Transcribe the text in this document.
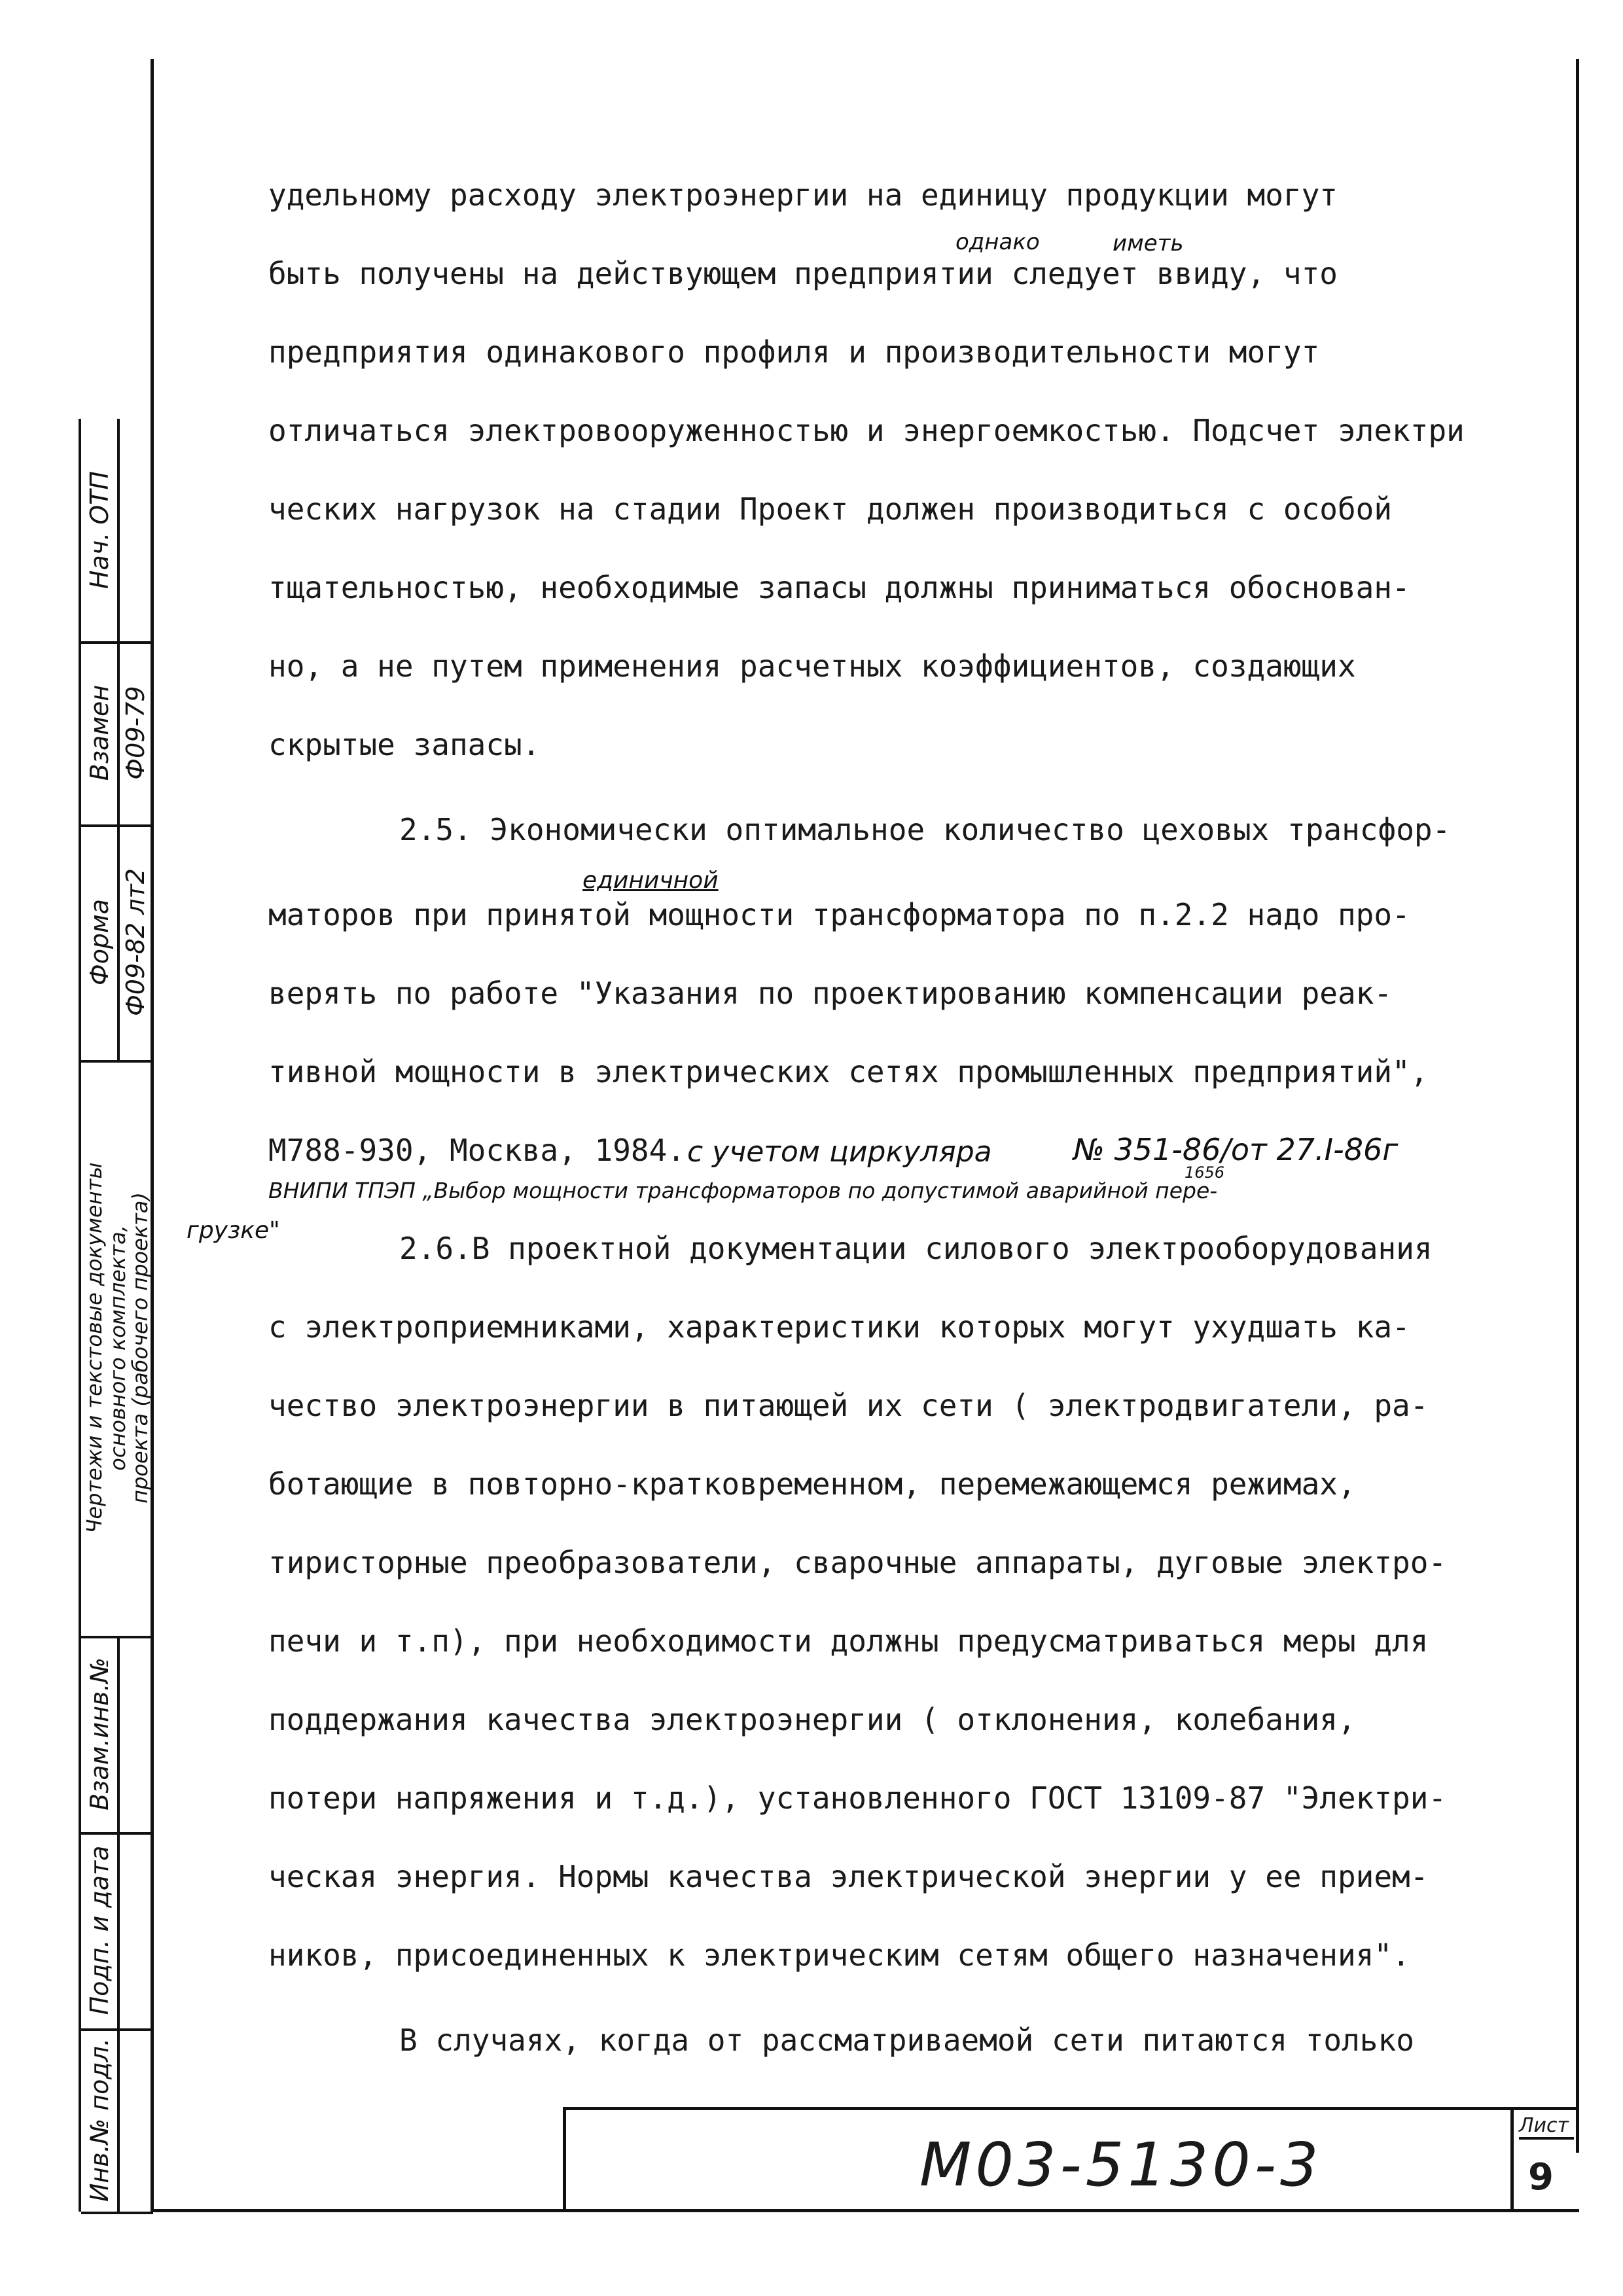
Нач. ОТП
Взамен Ф09-79
Форма Ф09-82 лт2
Чертежи и текстовые документы
основного комплекта,
проекта (рабочего проекта)
Взам.инв.№
Подп. и дата
Инв.№ подл.
удельному расходу электроэнергии на единицу продукции могут
быть получены на действующем предприятии следует ввиду, что
предприятия одинакового профиля и производительности могут
отличаться электровооруженностью и энергоемкостью. Подсчет электри
ческих нагрузок на стадии Проект должен производиться с особой
тщательностью, необходимые запасы должны приниматься обоснован-
но, а не путем применения расчетных коэффициентов, создающих
скрытые запасы.
2.5. Экономически оптимальное количество цеховых трансфор-
маторов при принятой мощности трансформатора по п.2.2 надо про-
верять по работе "Указания по проектированию компенсации реак-
тивной мощности в электрических сетях промышленных предприятий",
М788-930, Москва, 1984.
2.6.В проектной документации силового электрооборудования
с электроприемниками, характеристики которых могут ухудшать ка-
чество электроэнергии в питающей их сети ( электродвигатели, ра-
ботающие в повторно-кратковременном, перемежающемся режимах,
тиристорные преобразователи, сварочные аппараты, дуговые электро-
печи и т.п), при необходимости должны предусматриваться меры для
поддержания качества электроэнергии ( отклонения, колебания,
потери напряжения и т.д.), установленного ГОСТ 13109-87 "Электри-
ческая энергия. Нормы качества электрической энергии у ее прием-
ников, присоединенных к электрическим сетям общего назначения".
В случаях, когда от рассматриваемой сети питаются только
однако	иметь
единичной
с учетом циркуляра	№ 351-86/от 27.I-86г
1656
ВНИПИ ТПЭП „Выбор мощности трансформаторов по допустимой аварийной пере-
грузке"
М03-5130-3
Лист
9
